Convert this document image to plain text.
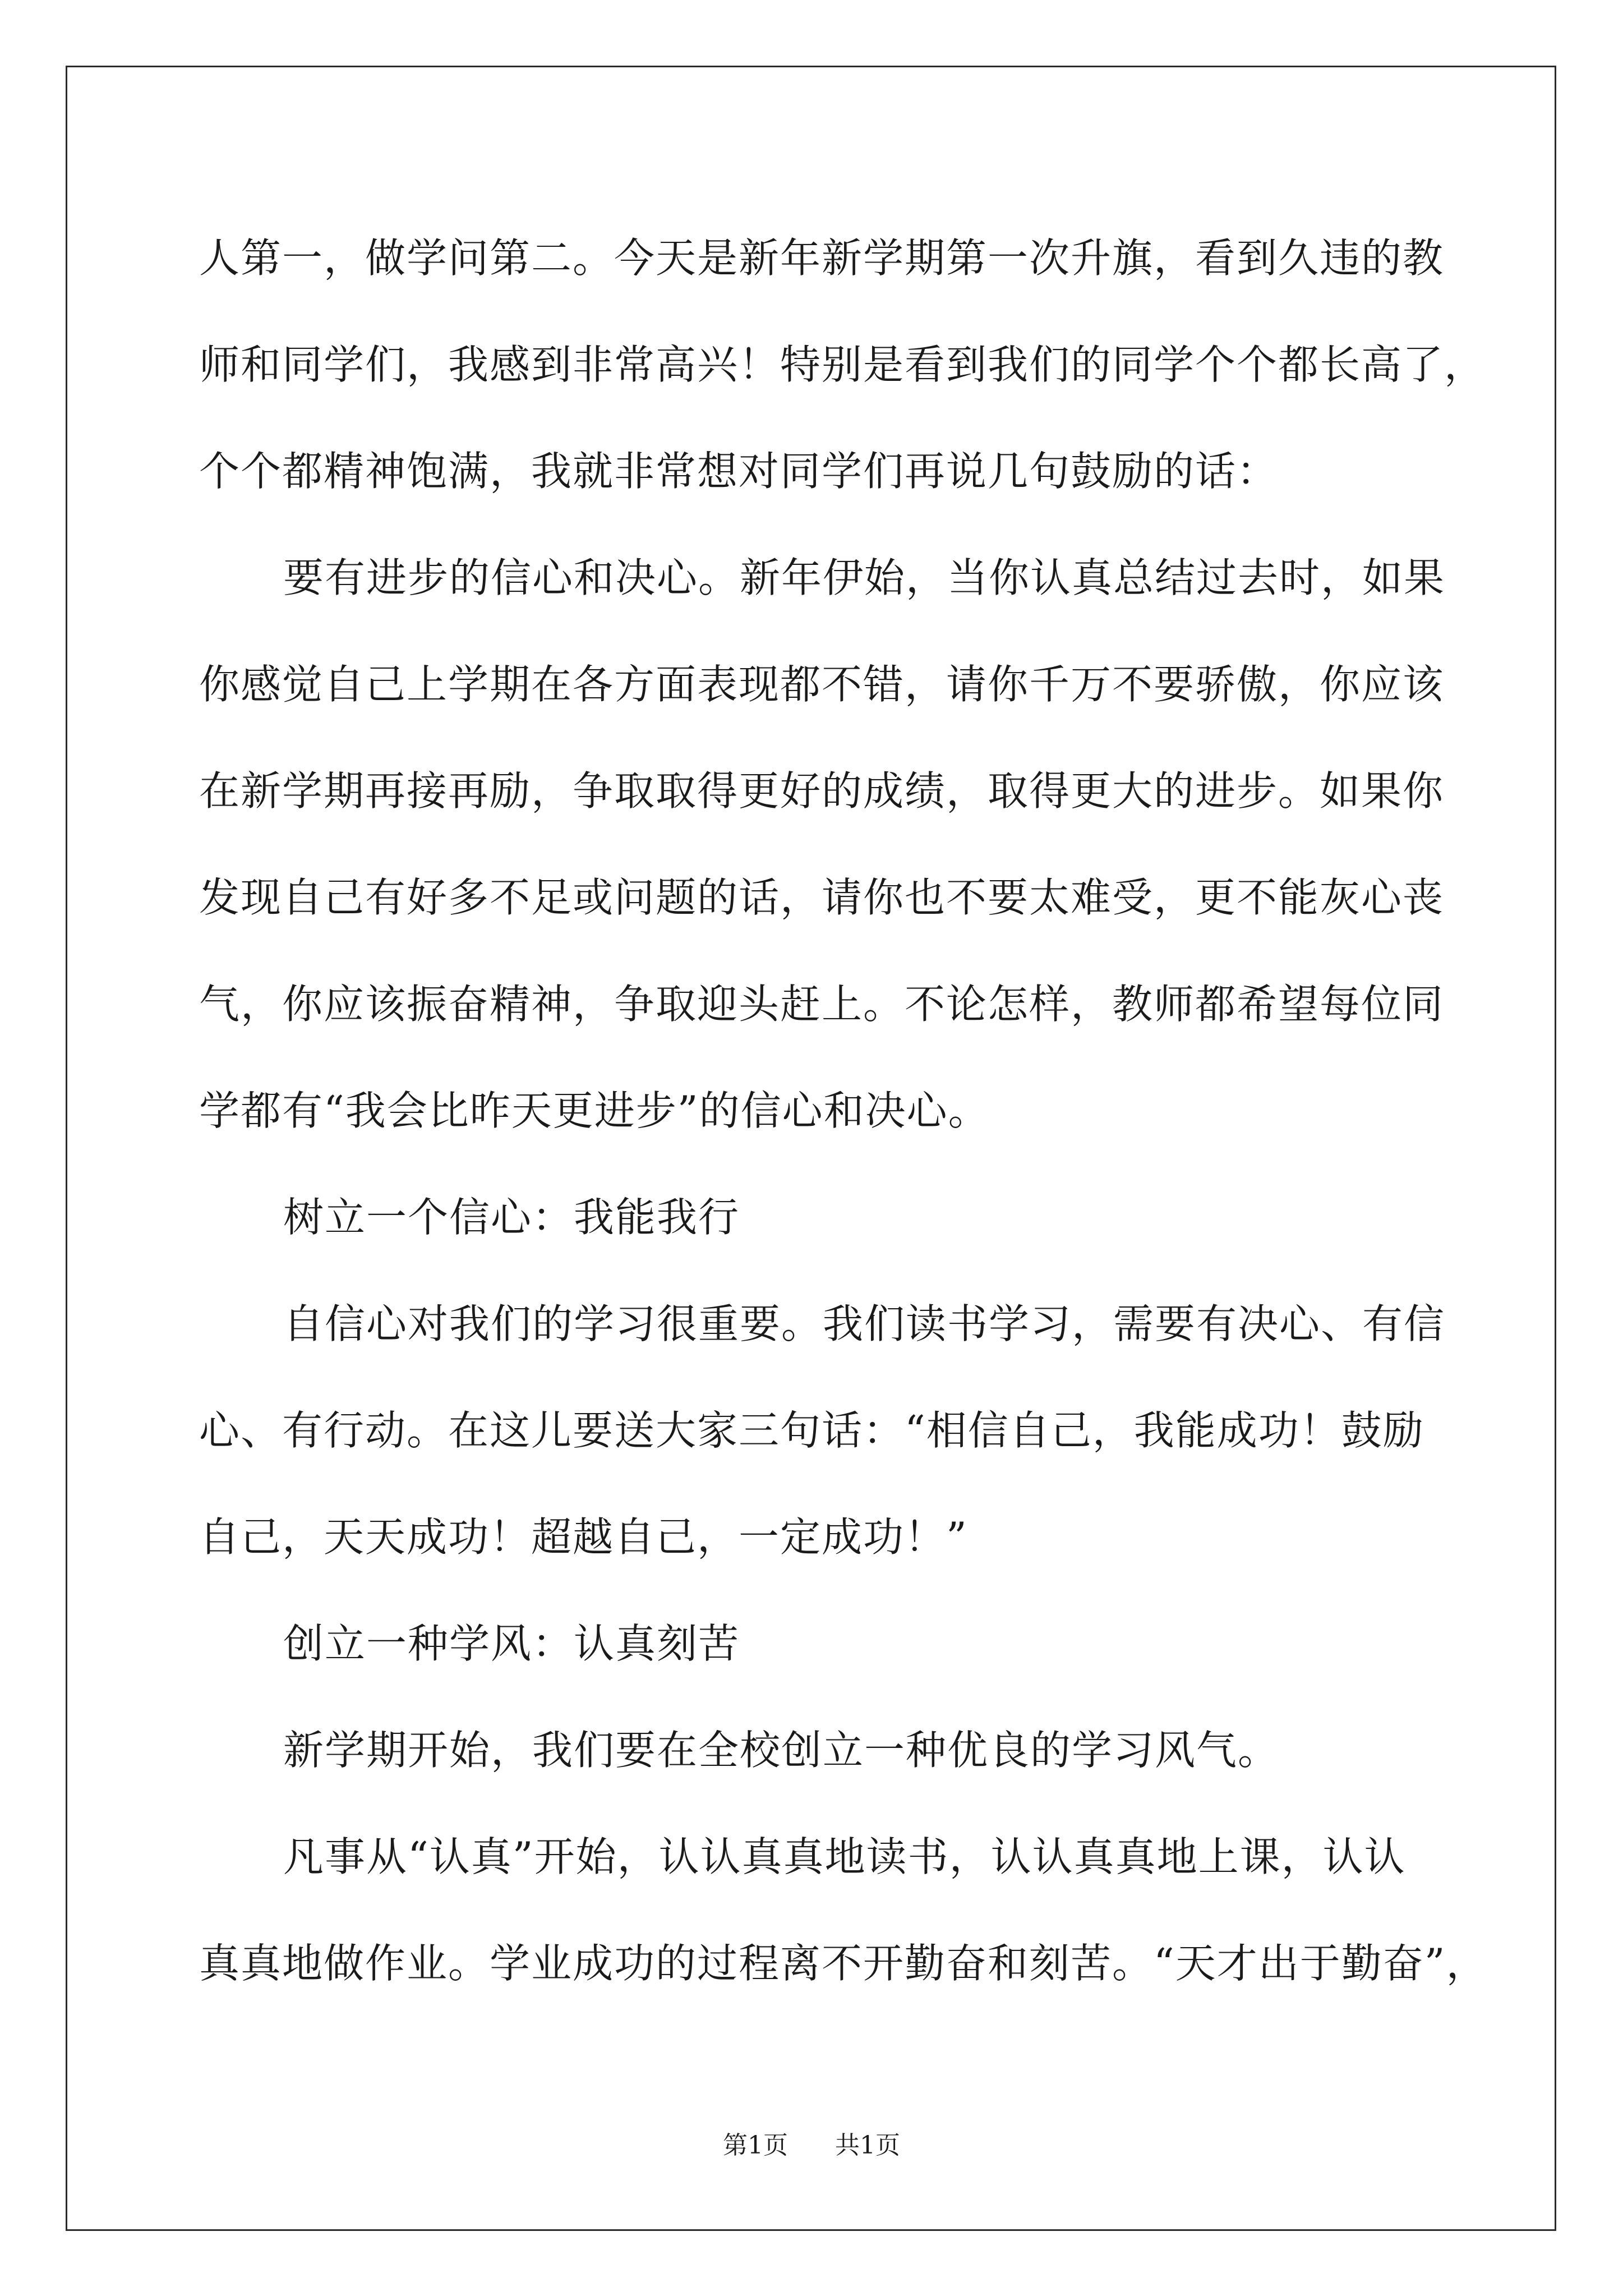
人第一，做学问第二。今天是新年新学期第一次升旗，看到久违的教
师和同学们，我感到非常高兴！特别是看到我们的同学个个都长高了，
个个都精神饱满，我就非常想对同学们再说几句鼓励的话：
要有进步的信心和决心。新年伊始，当你认真总结过去时，如果
你感觉自己上学期在各方面表现都不错，请你千万不要骄傲，你应该
在新学期再接再励，争取取得更好的成绩，取得更大的进步。如果你
发现自己有好多不足或问题的话，请你也不要太难受，更不能灰心丧
气，你应该振奋精神，争取迎头赶上。不论怎样，教师都希望每位同
学都有“我会比昨天更进步”的信心和决心。
树立一个信心：我能我行
自信心对我们的学习很重要。我们读书学习，需要有决心、有信
心、有行动。在这儿要送大家三句话：“相信自己，我能成功！鼓励
自己，天天成功！超越自己，一定成功！”
创立一种学风：认真刻苦
新学期开始，我们要在全校创立一种优良的学习风气。
凡事从“认真”开始，认认真真地读书，认认真真地上课，认认
真真地做作业。学业成功的过程离不开勤奋和刻苦。“天才出于勤奋”，
第1页 共1页
